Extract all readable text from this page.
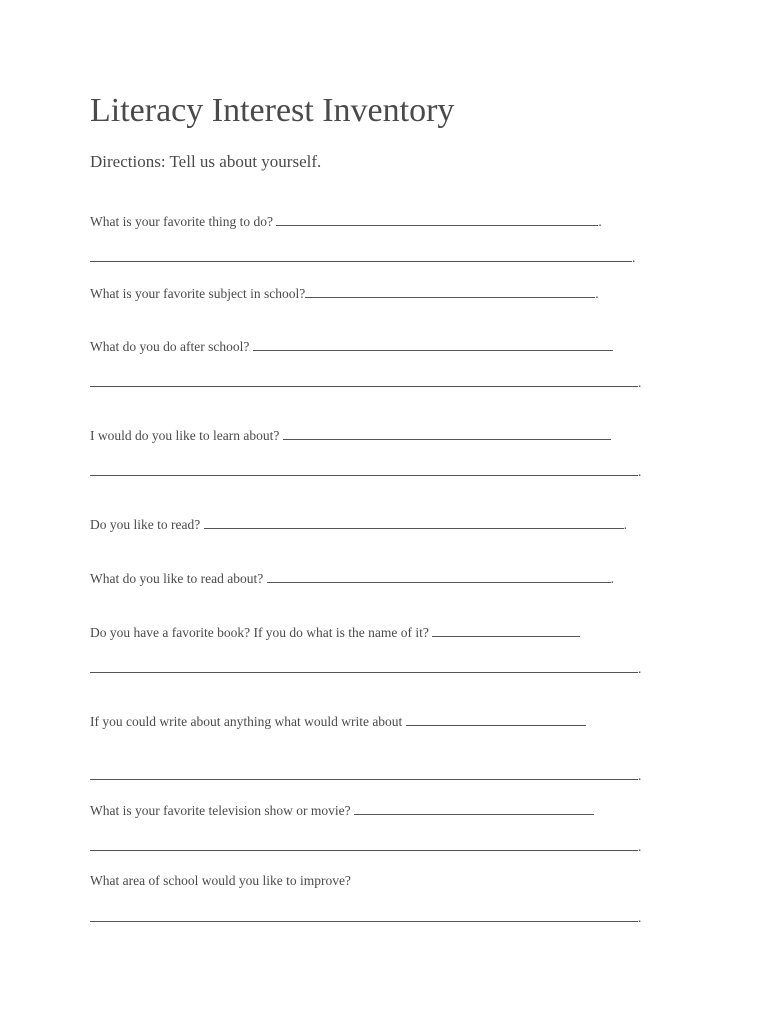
Literacy Interest Inventory

Directions: Tell us about yourself.

What is your favorite thing to do?	.
.
What is your favorite subject in school?	.
What do you do after school?
.
I would do you like to learn about?
.
Do you like to read?	.
What do you like to read about?	.
Do you have a favorite book? If you do what is the name of it?
.
If you could write about anything what would write about
.
What is your favorite television show or movie?
.
What area of school would you like to improve?
.
